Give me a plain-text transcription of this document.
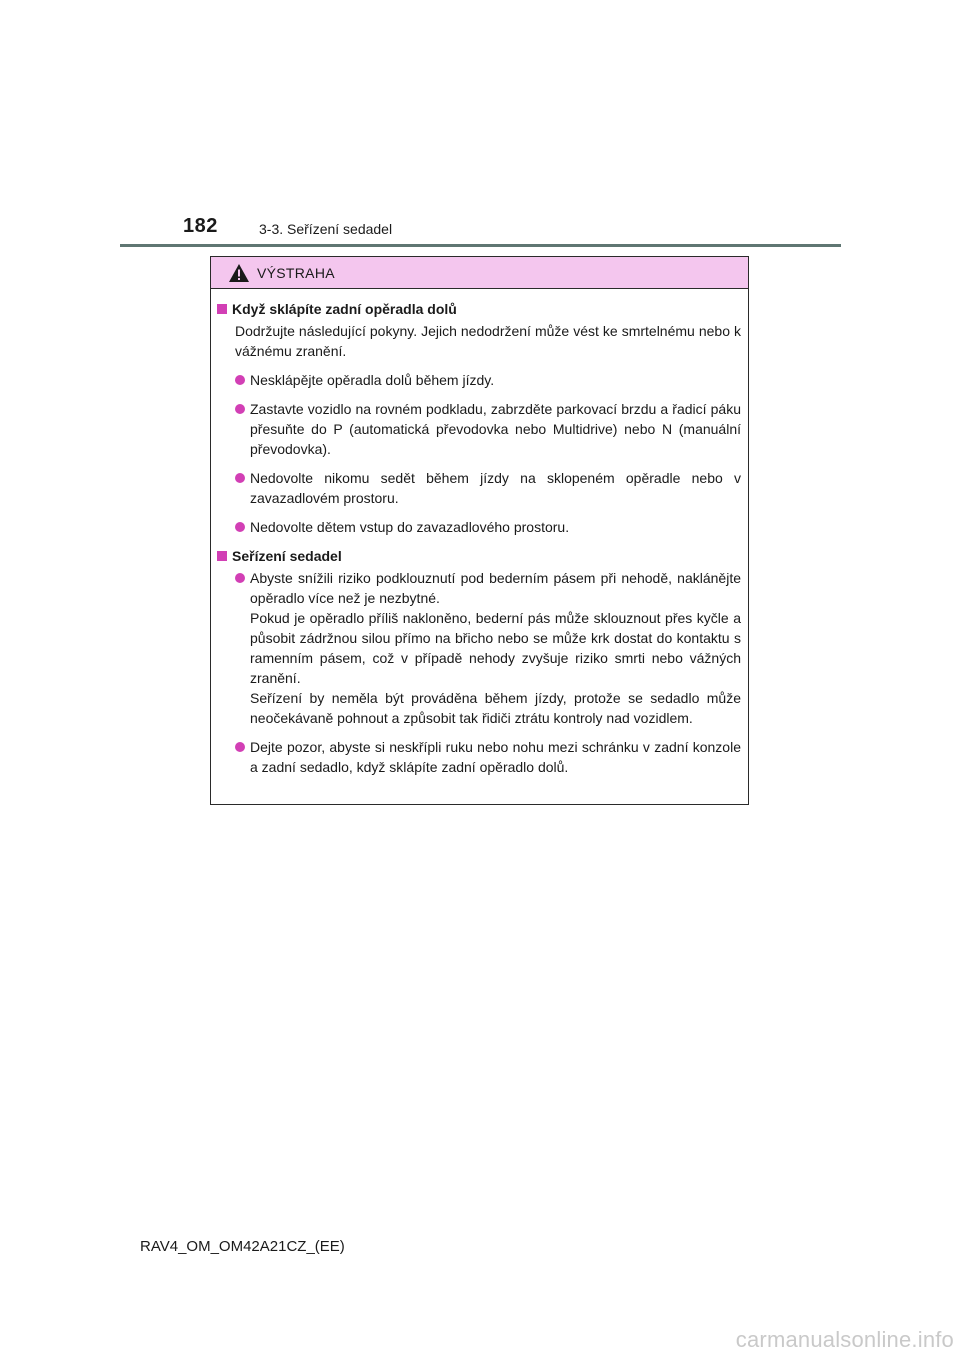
182	3-3. Seřízení sedadel
VÝSTRAHA
Když sklápíte zadní opěradla dolů
Dodržujte následující pokyny. Jejich nedodržení může vést ke smrtelnému nebo k vážnému zranění.
Nesklápějte opěradla dolů během jízdy.
Zastavte vozidlo na rovném podkladu, zabrzděte parkovací brzdu a řadicí páku přesuňte do P (automatická převodovka nebo Multidrive) nebo N (manuální převodovka).
Nedovolte nikomu sedět během jízdy na sklopeném opěradle nebo v zavazadlovém prostoru.
Nedovolte dětem vstup do zavazadlového prostoru.
Seřízení sedadel
Abyste snížili riziko podklouznutí pod bederním pásem při nehodě, naklánějte opěradlo více než je nezbytné.
Pokud je opěradlo příliš nakloněno, bederní pás může sklouznout přes kyčle a působit zádržnou silou přímo na břicho nebo se může krk dostat do kontaktu s ramenním pásem, což v případě nehody zvyšuje riziko smrti nebo vážných zranění.
Seřízení by neměla být prováděna během jízdy, protože se sedadlo může neočekávaně pohnout a způsobit tak řidiči ztrátu kontroly nad vozidlem.
Dejte pozor, abyste si neskřípli ruku nebo nohu mezi schránku v zadní konzole a zadní sedadlo, když sklápíte zadní opěradlo dolů.
RAV4_OM_OM42A21CZ_(EE)
carmanualsonline.info
